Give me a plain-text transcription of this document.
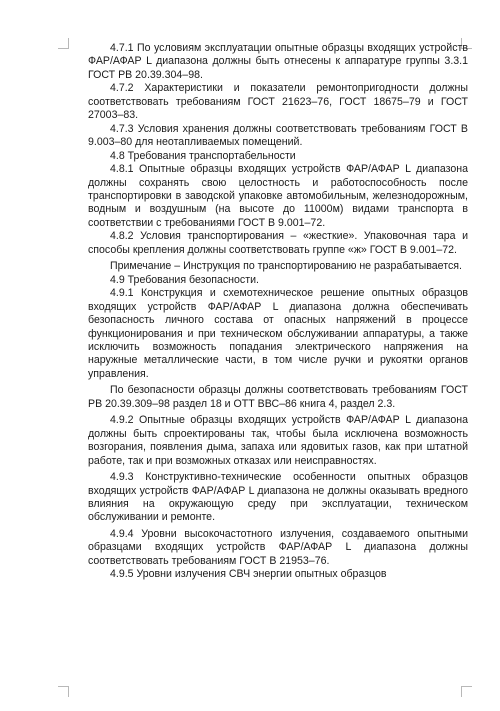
4.7.1 По условиям эксплуатации опытные образцы входящих устройств ФАР/АФАР L диапазона должны быть отнесены к аппаратуре группы 3.3.1 ГОСТ РВ 20.39.304–98.

4.7.2 Характеристики и показатели ремонтопригодности должны соответствовать требованиям ГОСТ 21623–76, ГОСТ 18675–79 и ГОСТ 27003–83.

4.7.3 Условия хранения должны соответствовать требованиям ГОСТ В 9.003–80 для неотапливаемых помещений.

4.8 Требования транспортабельности

4.8.1 Опытные образцы входящих устройств ФАР/АФАР L диапазона должны сохранять свою целостность и работоспособность после транспортировки в заводской упаковке автомобильным, железнодорожным, водным и воздушным (на высоте до 11000м) видами транспорта в соответствии с требованиями ГОСТ В 9.001–72.

4.8.2 Условия транспортирования – «жесткие». Упаковочная тара и способы крепления должны соответствовать группе «ж» ГОСТ В 9.001–72.

Примечание – Инструкция по транспортированию не разрабатывается.

4.9 Требования безопасности.

4.9.1 Конструкция и схемотехническое решение опытных образцов входящих устройств ФАР/АФАР L диапазона должна обеспечивать безопасность личного состава от опасных напряжений в процессе функционирования и при техническом обслуживании аппаратуры, а также исключить возможность попадания электрического напряжения на наружные металлические части, в том числе ручки и рукоятки органов управления.

По безопасности образцы должны соответствовать требованиям ГОСТ РВ 20.39.309–98 раздел 18 и ОТТ ВВС–86 книга 4, раздел 2.3.

4.9.2 Опытные образцы входящих устройств ФАР/АФАР L диапазона должны быть спроектированы так, чтобы была исключена возможность возгорания, появления дыма, запаха или ядовитых газов, как при штатной работе, так и при возможных отказах или неисправностях.

4.9.3 Конструктивно-технические особенности опытных образцов входящих устройств ФАР/АФАР L диапазона не должны оказывать вредного влияния на окружающую среду при эксплуатации, техническом обслуживании и ремонте.

4.9.4 Уровни высокочастотного излучения, создаваемого опытными образцами входящих устройств ФАР/АФАР L диапазона должны соответствовать требованиям ГОСТ В 21953–76.

4.9.5 Уровни излучения СВЧ энергии опытных образцов
